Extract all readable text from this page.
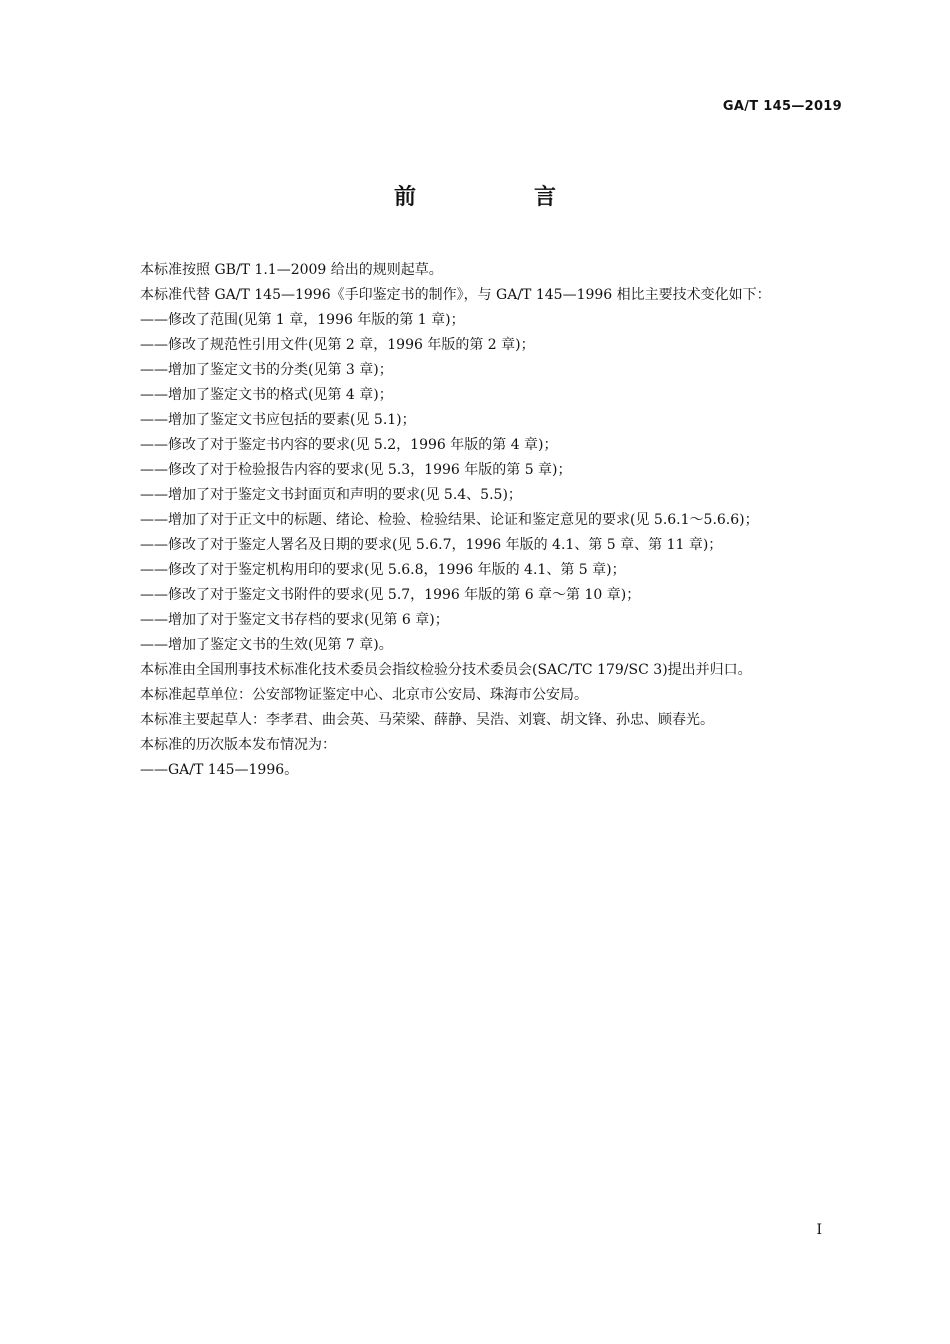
GA/T 145—2019
前　言

本标准按照 GB/T 1.1—2009 给出的规则起草。

本标准代替 GA/T 145—1996《手印鉴定书的制作》，与 GA/T 145—1996 相比主要技术变化如下：

——修改了范围(见第 1 章，1996 年版的第 1 章)；

——修改了规范性引用文件(见第 2 章，1996 年版的第 2 章)；

——增加了鉴定文书的分类(见第 3 章)；

——增加了鉴定文书的格式(见第 4 章)；

——增加了鉴定文书应包括的要素(见 5.1)；

——修改了对于鉴定书内容的要求(见 5.2，1996 年版的第 4 章)；

——修改了对于检验报告内容的要求(见 5.3，1996 年版的第 5 章)；

——增加了对于鉴定文书封面页和声明的要求(见 5.4、5.5)；

——增加了对于正文中的标题、绪论、检验、检验结果、论证和鉴定意见的要求(见 5.6.1～5.6.6)；

——修改了对于鉴定人署名及日期的要求(见 5.6.7，1996 年版的 4.1、第 5 章、第 11 章)；

——修改了对于鉴定机构用印的要求(见 5.6.8，1996 年版的 4.1、第 5 章)；

——修改了对于鉴定文书附件的要求(见 5.7，1996 年版的第 6 章～第 10 章)；

——增加了对于鉴定文书存档的要求(见第 6 章)；

——增加了鉴定文书的生效(见第 7 章)。

本标准由全国刑事技术标准化技术委员会指纹检验分技术委员会(SAC/TC 179/SC 3)提出并归口。

本标准起草单位：公安部物证鉴定中心、北京市公安局、珠海市公安局。

本标准主要起草人：李孝君、曲会英、马荣梁、薛静、吴浩、刘寰、胡文锋、孙忠、顾春光。

本标准的历次版本发布情况为：

——GA/T 145—1996。

I
